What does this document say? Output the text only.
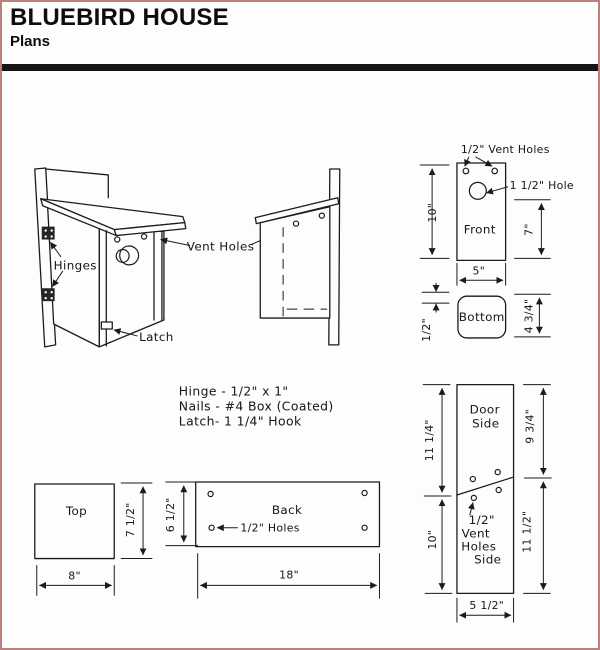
BLUEBIRD HOUSE
Plans
Hinges
Vent Holes
Latch
Hinge - 1/2" x 1"
Nails - #4 Box (Coated)
Latch- 1 1/4" Hook
Front
1/2" Vent Holes
1 1/2" Hole
10"
7"
5"
1/2"
Bottom 4 3/4"
Door
Side
1/2"
Vent
Holes
Side
11 1/4"
10"
9 3/4"
11 1/2"
5 1/2"
Top
8"
7 1/2" 6 1/2"	Back
1/2" Holes
18"
